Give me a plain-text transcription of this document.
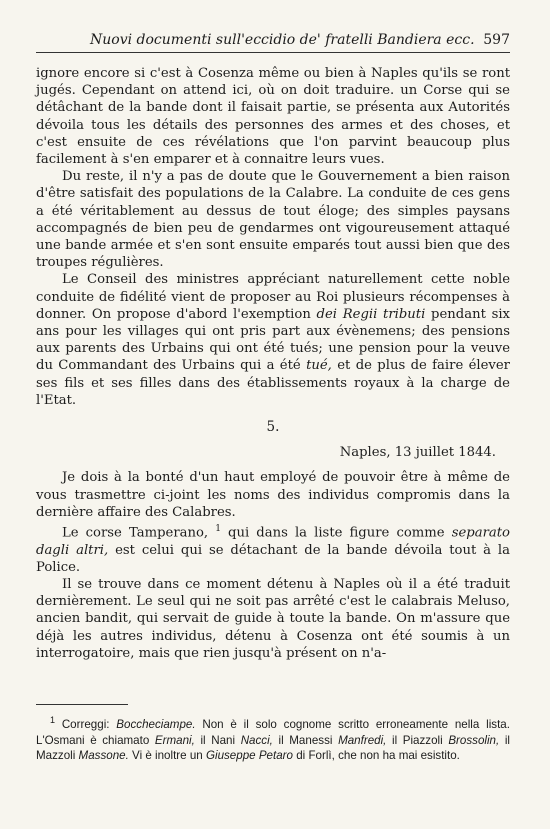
Nuovi documenti sull'eccidio de' fratelli Bandiera ecc. 597

ignore encore si c'est à Cosenza même ou bien à Naples qu'ils se ront jugés. Cependant on attend ici, où on doit traduire. un Corse qui se détâchant de la bande dont il faisait partie, se présenta aux Autorités dévoila tous les détails des personnes des armes et des choses, et c'est ensuite de ces révélations que l'on parvint beaucoup plus facilement à s'en emparer et à connaitre leurs vues.

Du reste, il n'y a pas de doute que le Gouvernement a bien raison d'être satisfait des populations de la Calabre. La conduite de ces gens a été véritablement au dessus de tout éloge; des simples paysans accompagnés de bien peu de gendarmes ont vigoureusement attaqué une bande armée et s'en sont ensuite emparés tout aussi bien que des troupes régulières.

Le Conseil des ministres appréciant naturellement cette noble conduite de fidélité vient de proposer au Roi plusieurs récompenses à donner. On propose d'abord l'exemption dei Regii tributi pendant six ans pour les villages qui ont pris part aux évènemens; des pensions aux parents des Urbains qui ont été tués; une pension pour la veuve du Commandant des Urbains qui a été tué, et de plus de faire élever ses fils et ses filles dans des établissements royaux à la charge de l'Etat.

5.
Naples, 13 juillet 1844.

Je dois à la bonté d'un haut employé de pouvoir être à même de vous trasmettre ci-joint les noms des individus compromis dans la dernière affaire des Calabres.

Le corse Tamperano, $^1$ qui dans la liste figure comme separato dagli altri, est celui qui se détachant de la bande dévoila tout à la Police.

Il se trouve dans ce moment détenu à Naples où il a été traduit dernièrement. Le seul qui ne soit pas arrêté c'est le calabrais Meluso, ancien bandit, qui servait de guide à toute la bande. On m'assure que déjà les autres individus, détenu à Cosenza ont été soumis à un interrogatoire, mais que rien jusqu'à présent on n'a-

$^1$ Correggi: Boccheciampe. Non è il solo cognome scritto erroneamente nella lista. L'Osmani è chiamato Ermani, il Nani Nacci, il Manessi Manfredi, il Piazzoli Brossolin, il Mazzoli Massone. Vi è inoltre un Giuseppe Petaro di Forlì, che non ha mai esistito.
